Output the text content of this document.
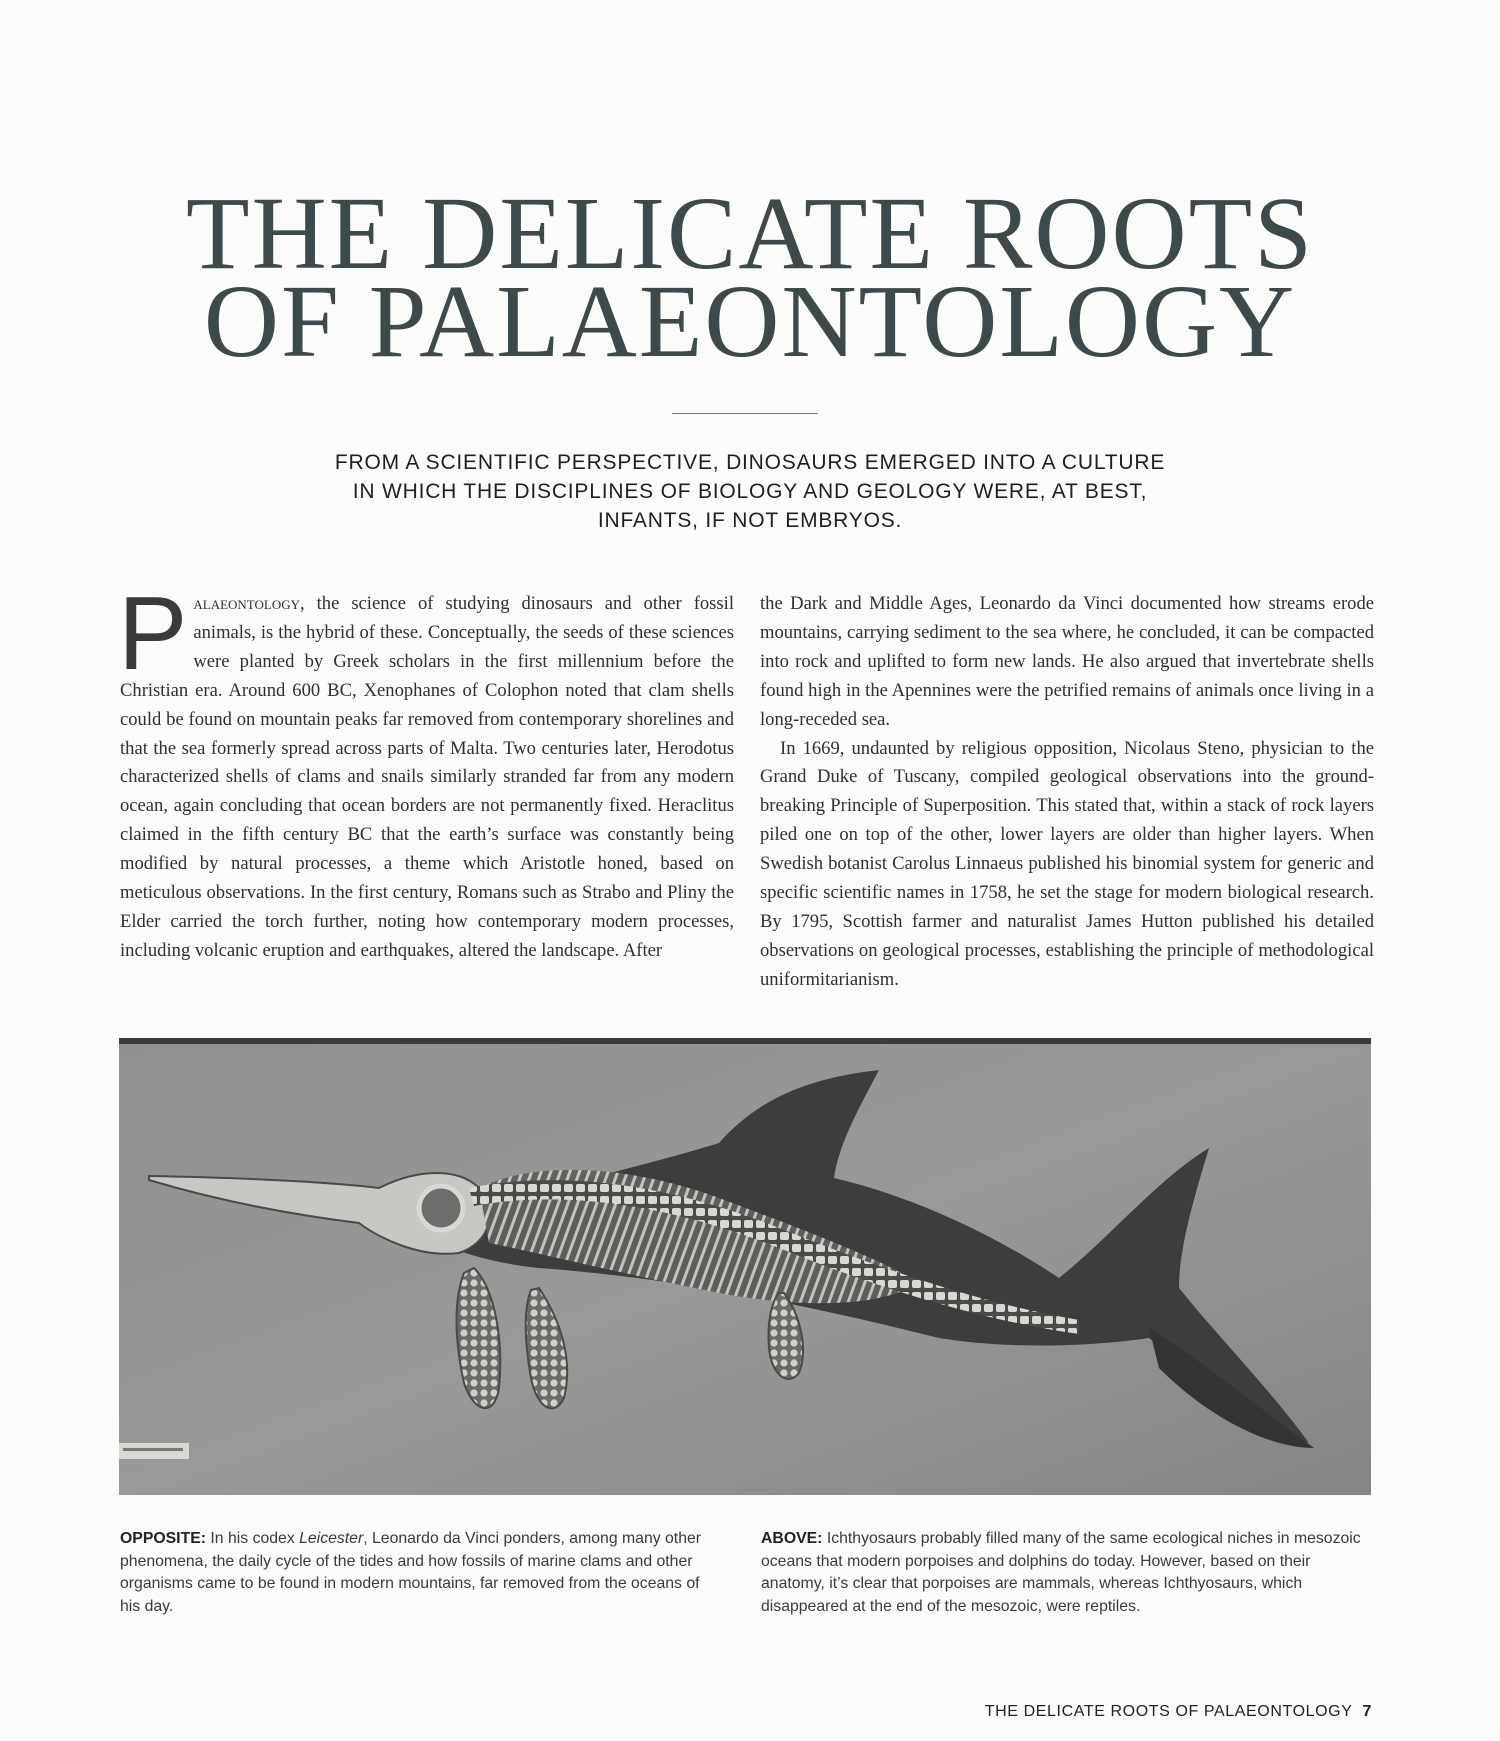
THE DELICATE ROOTS
OF PALAEONTOLOGY
FROM A SCIENTIFIC PERSPECTIVE, DINOSAURS EMERGED INTO A CULTURE
IN WHICH THE DISCIPLINES OF BIOLOGY AND GEOLOGY WERE, AT BEST,
INFANTS, IF NOT EMBRYOS.

Palaeontology, the science of studying dinosaurs and other fossil animals, is the hybrid of these. Conceptually, the seeds of these sciences were planted by Greek scholars in the first millennium before the Christian era. Around 600 BC, Xenophanes of Colophon noted that clam shells could be found on mountain peaks far removed from contemporary shorelines and that the sea formerly spread across parts of Malta. Two centuries later, Herodotus characterized shells of clams and snails similarly stranded far from any modern ocean, again concluding that ocean borders are not permanently fixed. Heraclitus claimed in the fifth century BC that the earth’s surface was constantly being modified by natural processes, a theme which Aristotle honed, based on meticulous observations. In the first century, Romans such as Strabo and Pliny the Elder carried the torch further, noting how contemporary modern processes, including volcanic eruption and earthquakes, altered the landscape. After

the Dark and Middle Ages, Leonardo da Vinci documented how streams erode mountains, carrying sediment to the sea where, he concluded, it can be compacted into rock and uplifted to form new lands. He also argued that invertebrate shells found high in the Apennines were the petrified remains of animals once living in a long-receded sea.

In 1669, undaunted by religious opposition, Nicolaus Steno, physician to the Grand Duke of Tuscany, compiled geological observations into the ground-breaking Principle of Superposition. This stated that, within a stack of rock layers piled one on top of the other, lower layers are older than higher layers. When Swedish botanist Carolus Linnaeus published his binomial system for generic and specific scientific names in 1758, he set the stage for modern biological research. By 1795, Scottish farmer and naturalist James Hutton published his detailed observations on geological processes, establishing the principle of methodological uniformitarianism.

OPPOSITE: In his codex Leicester, Leonardo da Vinci ponders, among many other phenomena, the daily cycle of the tides and how fossils of marine clams and other organisms came to be found in modern mountains, far removed from the oceans of his day.

ABOVE: Ichthyosaurs probably filled many of the same ecological niches in mesozoic oceans that modern porpoises and dolphins do today. However, based on their anatomy, it’s clear that porpoises are mammals, whereas Ichthyosaurs, which disappeared at the end of the mesozoic, were reptiles.

THE DELICATE ROOTS OF PALAEONTOLOGY 7
